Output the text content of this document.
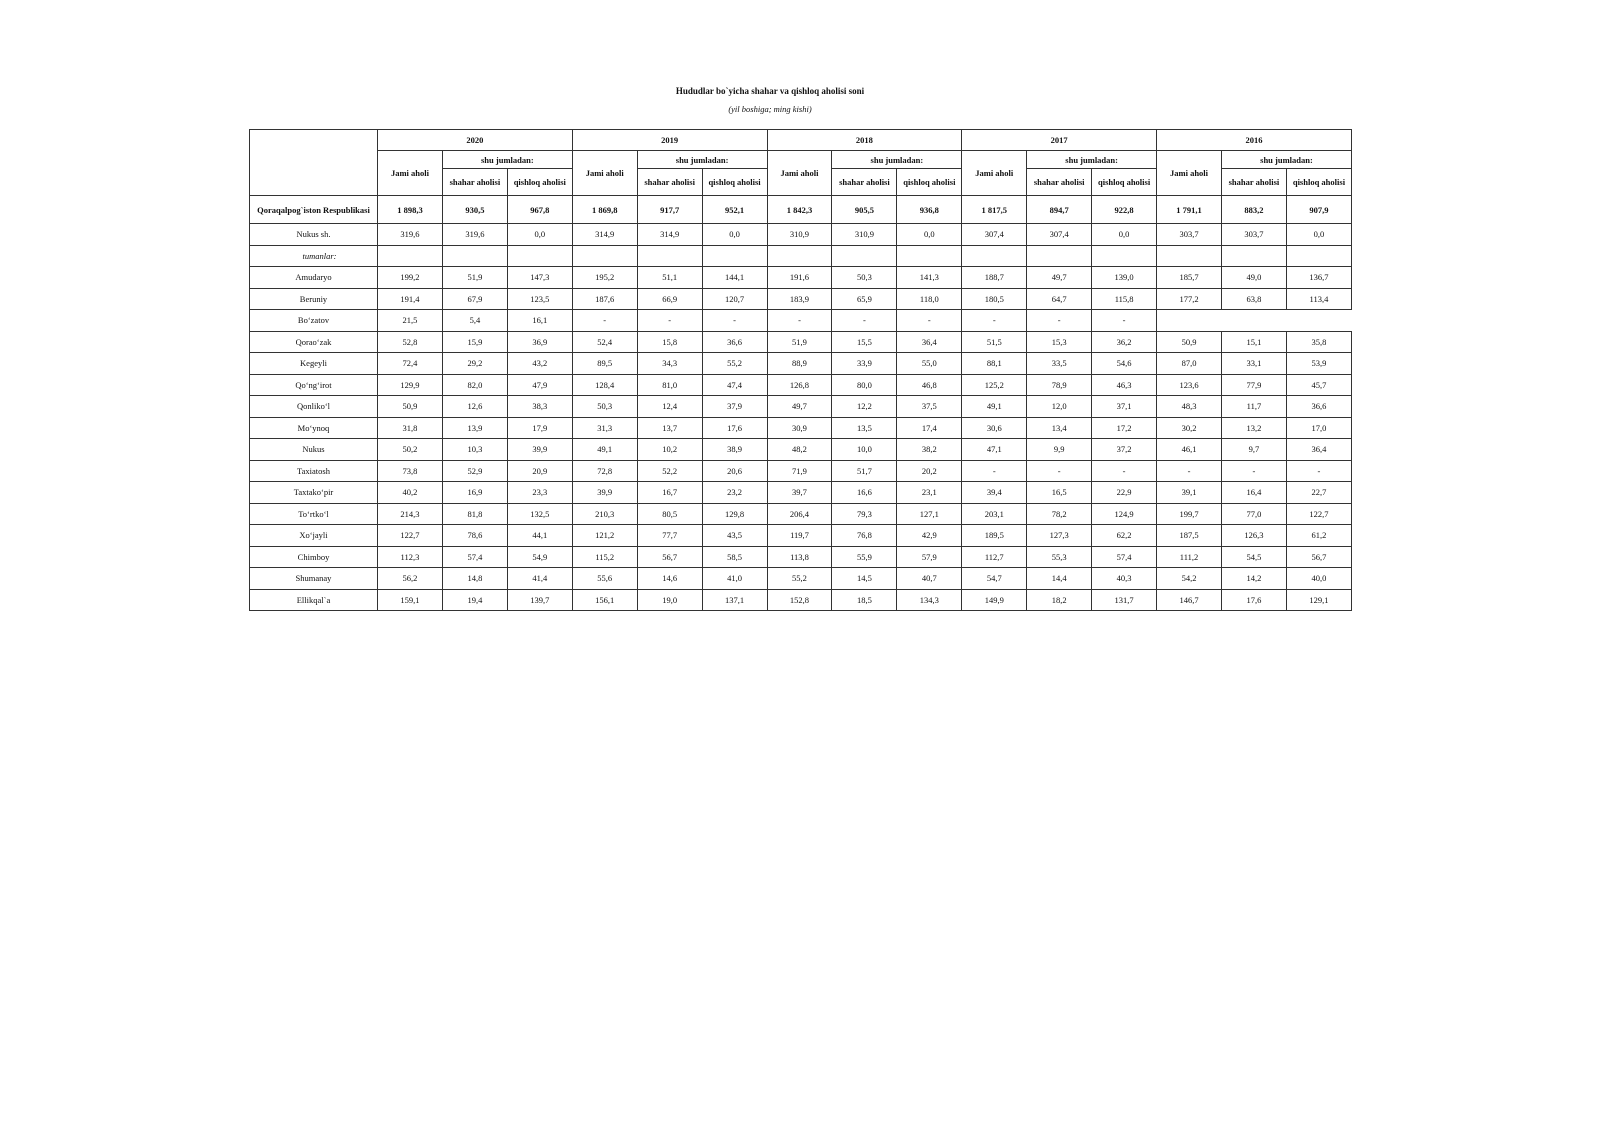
Hududlar bo`yicha shahar va qishloq aholisi soni
(yil boshiga; ming kishi)
	2020			2019			2018			2017			2016		
	Jami aholi	shu jumladan:		Jami aholi	shu jumladan:		Jami aholi	shu jumladan:		Jami aholi	shu jumladan:		Jami aholi	shu jumladan:	
		shahar aholisi	qishloq aholisi		shahar aholisi	qishloq aholisi		shahar aholisi	qishloq aholisi		shahar aholisi	qishloq aholisi		shahar aholisi	qishloq aholisi
Qoraqalpog`iston Respublikasi	1 898,3	930,5	967,8	1 869,8	917,7	952,1	1 842,3	905,5	936,8	1 817,5	894,7	922,8	1 791,1	883,2	907,9
Nukus sh.	319,6	319,6	0,0	314,9	314,9	0,0	310,9	310,9	0,0	307,4	307,4	0,0	303,7	303,7	0,0
tumanlar:															
Amudaryo	199,2	51,9	147,3	195,2	51,1	144,1	191,6	50,3	141,3	188,7	49,7	139,0	185,7	49,0	136,7
Beruniy	191,4	67,9	123,5	187,6	66,9	120,7	183,9	65,9	118,0	180,5	64,7	115,8	177,2	63,8	113,4
Bo‘zatov	21,5	5,4	16,1	-	-	-	-	-	-	-	-	-			
Qorao‘zak	52,8	15,9	36,9	52,4	15,8	36,6	51,9	15,5	36,4	51,5	15,3	36,2	50,9	15,1	35,8
Kegeyli	72,4	29,2	43,2	89,5	34,3	55,2	88,9	33,9	55,0	88,1	33,5	54,6	87,0	33,1	53,9
Qo‘ng‘irot	129,9	82,0	47,9	128,4	81,0	47,4	126,8	80,0	46,8	125,2	78,9	46,3	123,6	77,9	45,7
Qonliko‘l	50,9	12,6	38,3	50,3	12,4	37,9	49,7	12,2	37,5	49,1	12,0	37,1	48,3	11,7	36,6
Mo‘ynoq	31,8	13,9	17,9	31,3	13,7	17,6	30,9	13,5	17,4	30,6	13,4	17,2	30,2	13,2	17,0
Nukus	50,2	10,3	39,9	49,1	10,2	38,9	48,2	10,0	38,2	47,1	9,9	37,2	46,1	9,7	36,4
Taxiatosh	73,8	52,9	20,9	72,8	52,2	20,6	71,9	51,7	20,2	-	-	-	-	-	-
Taxtako‘pir	40,2	16,9	23,3	39,9	16,7	23,2	39,7	16,6	23,1	39,4	16,5	22,9	39,1	16,4	22,7
To‘rtko‘l	214,3	81,8	132,5	210,3	80,5	129,8	206,4	79,3	127,1	203,1	78,2	124,9	199,7	77,0	122,7
Xo‘jayli	122,7	78,6	44,1	121,2	77,7	43,5	119,7	76,8	42,9	189,5	127,3	62,2	187,5	126,3	61,2
Chimboy	112,3	57,4	54,9	115,2	56,7	58,5	113,8	55,9	57,9	112,7	55,3	57,4	111,2	54,5	56,7
Shumanay	56,2	14,8	41,4	55,6	14,6	41,0	55,2	14,5	40,7	54,7	14,4	40,3	54,2	14,2	40,0
Ellikqal`a	159,1	19,4	139,7	156,1	19,0	137,1	152,8	18,5	134,3	149,9	18,2	131,7	146,7	17,6	129,1
